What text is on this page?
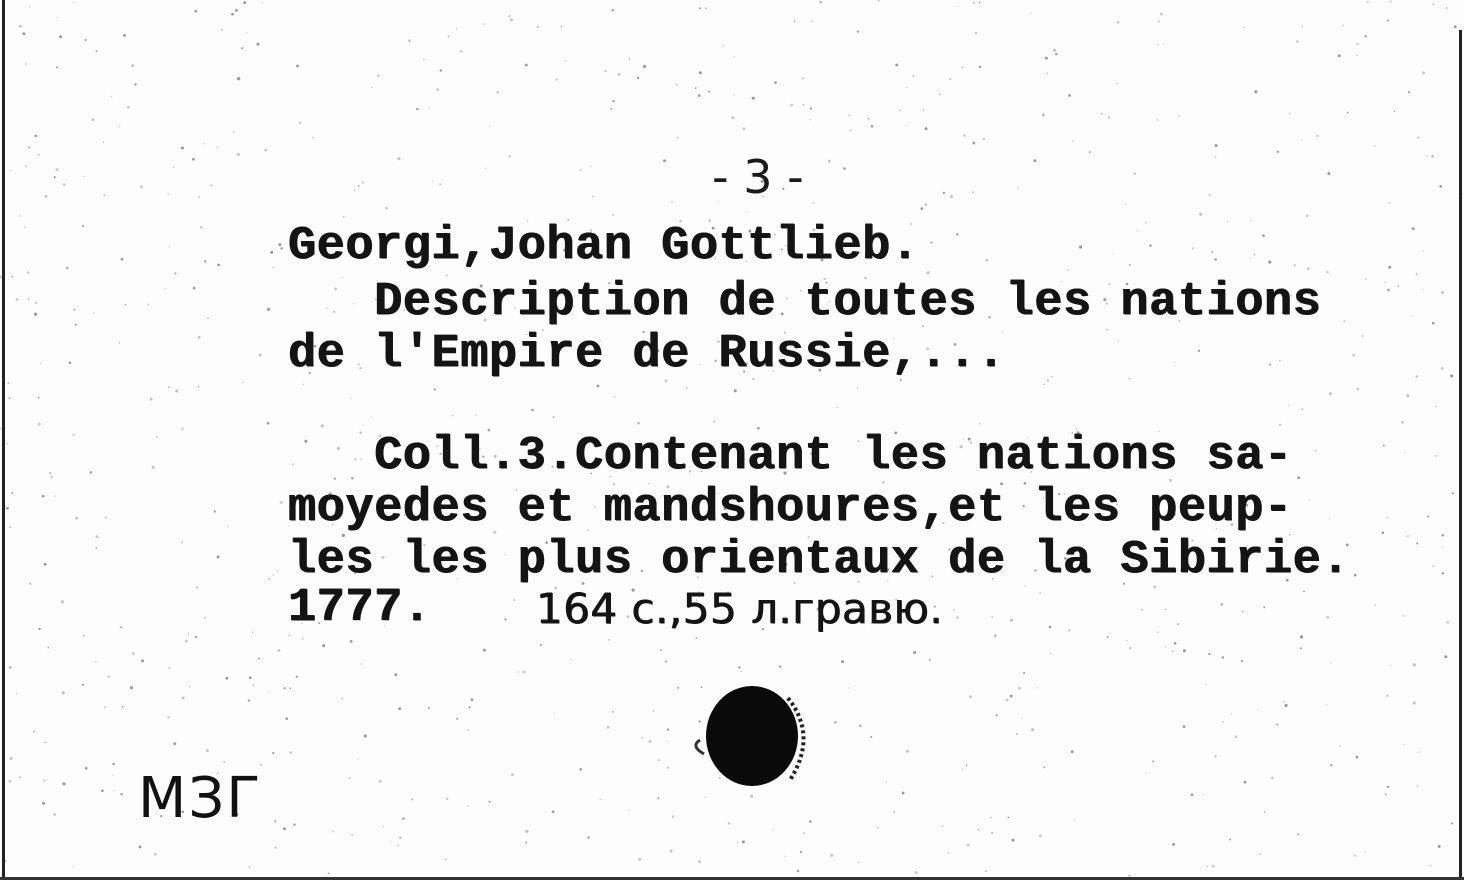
- 3 -
Georgi,Johan Gottlieb.
Description de toutes les nations
de l'Empire de Russie,...
Coll.3.Contenant les nations sa-
moyedes et mandshoures,et les peup-
les les plus orientaux de la Sibirie.
1777. 164 c.,55 л.гравю.
МЗГ
